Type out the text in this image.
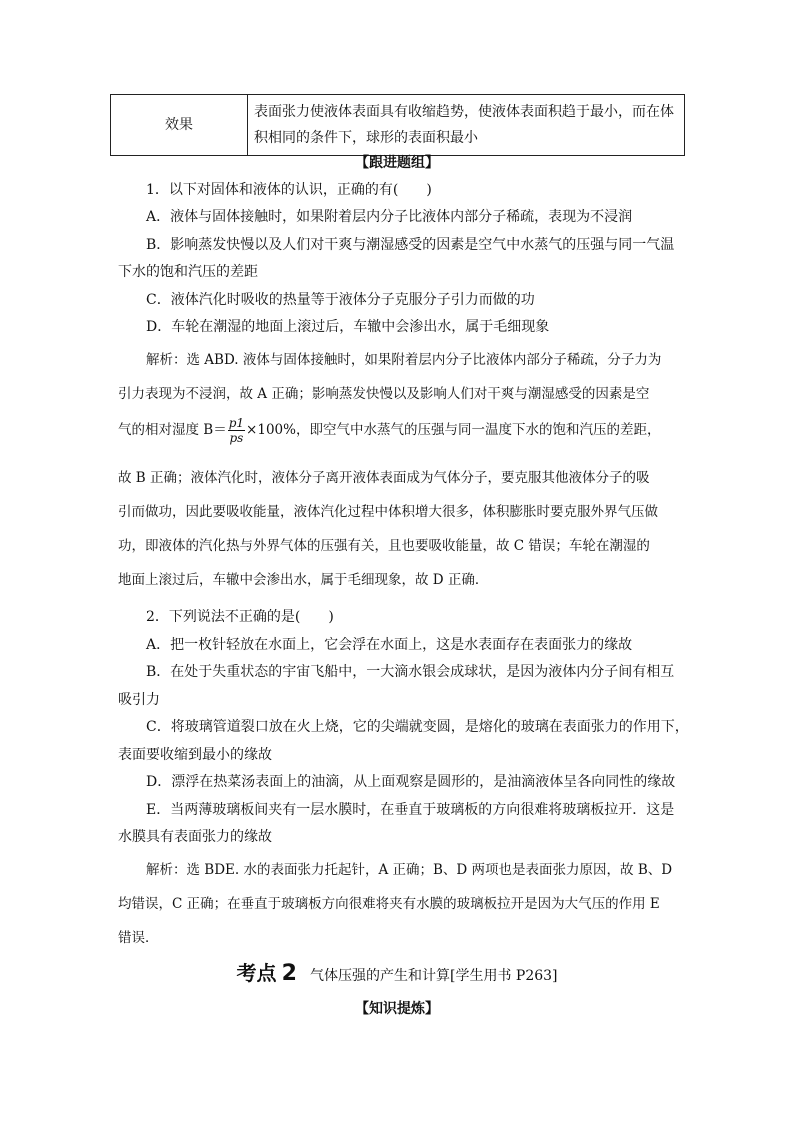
效果	表面张力使液体表面具有收缩趋势，使液体表面积趋于最小，而在体积相同的条件下，球形的表面积最小
【跟进题组】
1．以下对固体和液体的认识，正确的有(　　)
A．液体与固体接触时，如果附着层内分子比液体内部分子稀疏，表现为不浸润
B．影响蒸发快慢以及人们对干爽与潮湿感受的因素是空气中水蒸气的压强与同一气温
下水的饱和汽压的差距
C．液体汽化时吸收的热量等于液体分子克服分子引力而做的功
D．车轮在潮湿的地面上滚过后，车辙中会渗出水，属于毛细现象
解析：选 ABD. 液体与固体接触时，如果附着层内分子比液体内部分子稀疏，分子力为
引力表现为不浸润，故 A 正确；影响蒸发快慢以及影响人们对干爽与潮湿感受的因素是空
气的相对湿度 $B= \frac{p1}{ps} \times 100\%$，即空气中水蒸气的压强与同一温度下水的饱和汽压的差距，
故 B 正确；液体汽化时，液体分子离开液体表面成为气体分子，要克服其他液体分子的吸
引而做功，因此要吸收能量，液体汽化过程中体积增大很多，体积膨胀时要克服外界气压做
功，即液体的汽化热与外界气体的压强有关，且也要吸收能量，故 C 错误；车轮在潮湿的
地面上滚过后，车辙中会渗出水，属于毛细现象，故 D 正确．
2．下列说法不正确的是(　　)
A．把一枚针轻放在水面上，它会浮在水面上，这是水表面存在表面张力的缘故
B．在处于失重状态的宇宙飞船中，一大滴水银会成球状，是因为液体内分子间有相互
吸引力
C．将玻璃管道裂口放在火上烧，它的尖端就变圆，是熔化的玻璃在表面张力的作用下，
表面要收缩到最小的缘故
D．漂浮在热菜汤表面上的油滴，从上面观察是圆形的，是油滴液体呈各向同性的缘故
E．当两薄玻璃板间夹有一层水膜时，在垂直于玻璃板的方向很难将玻璃板拉开．这是
水膜具有表面张力的缘故
解析：选 BDE. 水的表面张力托起针，A 正确；B、D 两项也是表面张力原因，故 B、D
均错误，C 正确；在垂直于玻璃板方向很难将夹有水膜的玻璃板拉开是因为大气压的作用 E
错误．
考点 2 气体压强的产生和计算[学生用书 P263]
【知识提炼】
